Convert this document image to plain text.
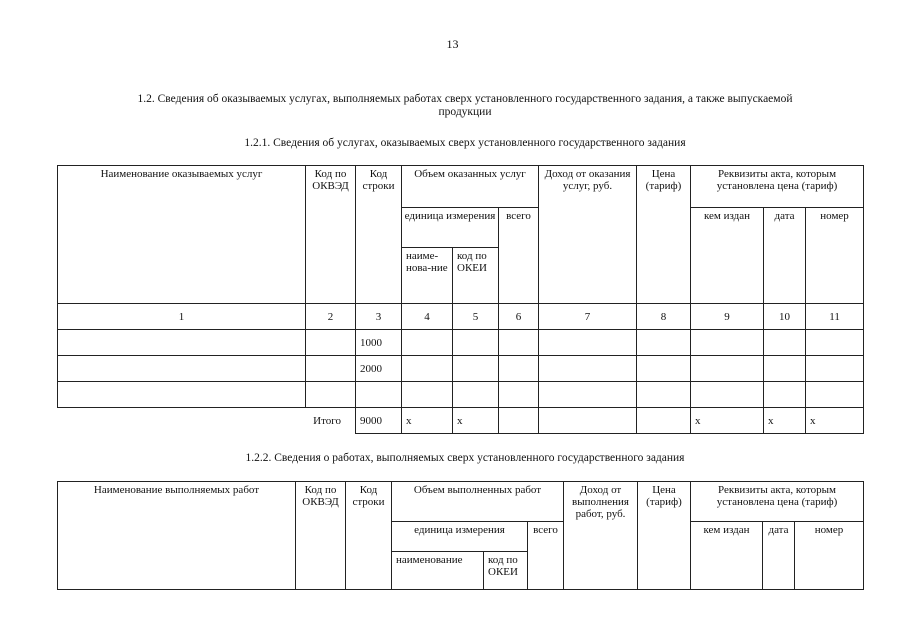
13
1.2. Сведения об оказываемых услугах, выполняемых работах сверх установленного государственного задания, а также выпускаемой продукции
1.2.1. Сведения об услугах, оказываемых сверх установленного государственного задания
Наименование оказываемых услуг	Код по ОКВЭД	Код строки	Объем оказанных услуг			Доход от оказания услуг, руб.	Цена (тариф)	Реквизиты акта, которым установлена цена (тариф)		
			единица измерения		всего			кем издан	дата	номер
			наиме-нова-ние	код по ОКЕИ						
1	2	3	4	5	6	7	8	9	10	11
		1000								
		2000								

Итого		9000	х	х				х	х	х
1.2.2. Сведения о работах, выполняемых сверх установленного государственного задания
Наименование выполняемых работ	Код по ОКВЭД	Код строки	Объем выполненных работ			Доход от выполнения работ, руб.	Цена (тариф)	Реквизиты акта, которым установлена цена (тариф)		
			единица измерения		всего			кем издан	дата	номер
			наименование	код по ОКЕИ						
